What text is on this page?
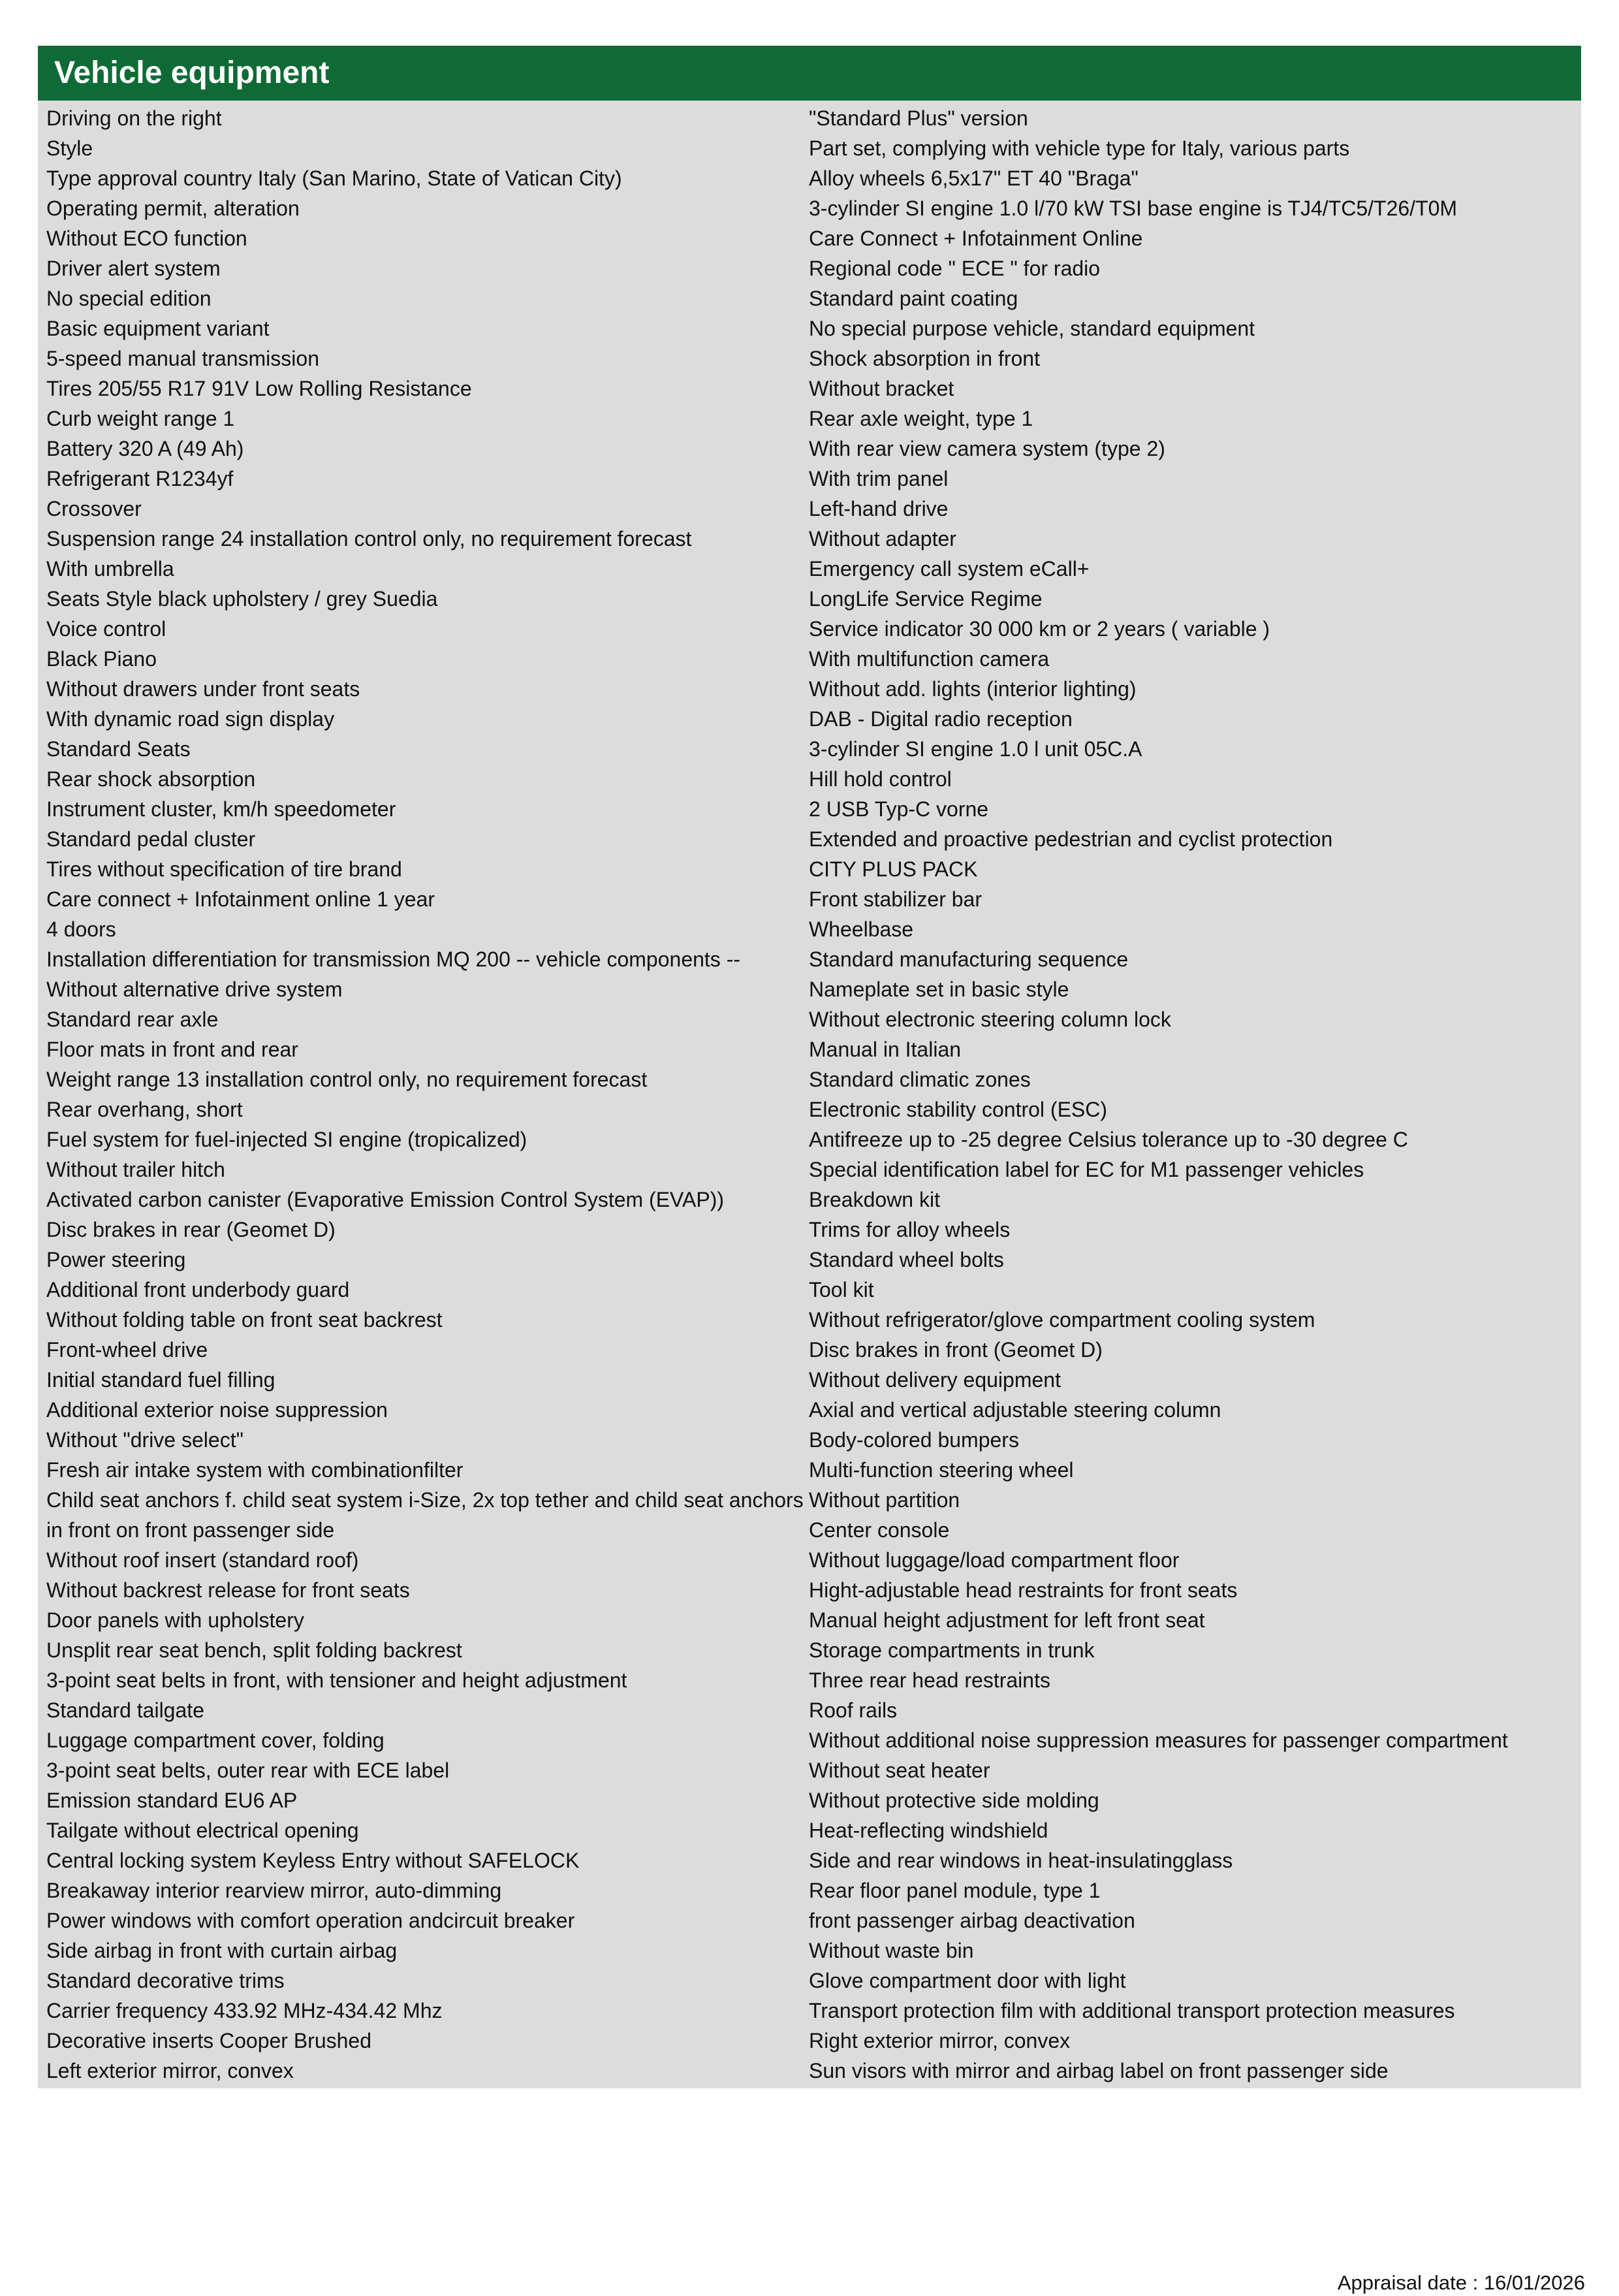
Vehicle equipment
Driving on the right
Style
Type approval country Italy (San Marino, State of Vatican City)
Operating permit, alteration
Without ECO function
Driver alert system
No special edition
Basic equipment variant
5-speed manual transmission
Tires 205/55 R17 91V Low Rolling Resistance
Curb weight range 1
Battery 320 A (49 Ah)
Refrigerant R1234yf
Crossover
Suspension range 24 installation control only, no requirement forecast
With umbrella
Seats Style black upholstery / grey Suedia
Voice control
Black Piano
Without drawers under front seats
With dynamic road sign display
Standard Seats
Rear shock absorption
Instrument cluster, km/h speedometer
Standard pedal cluster
Tires without specification of tire brand
Care connect + Infotainment online 1 year
4 doors
Installation differentiation for transmission MQ 200 -- vehicle components --
Without alternative drive system
Standard rear axle
Floor mats in front and rear
Weight range 13 installation control only, no requirement forecast
Rear overhang, short
Fuel system for fuel-injected SI engine (tropicalized)
Without trailer hitch
Activated carbon canister (Evaporative Emission Control System (EVAP))
Disc brakes in rear (Geomet D)
Power steering
Additional front underbody guard
Without folding table on front seat backrest
Front-wheel drive
Initial standard fuel filling
Additional exterior noise suppression
Without "drive select"
Fresh air intake system with combinationfilter
Child seat anchors f. child seat system i-Size, 2x top tether and child seat anchors in front on front passenger side
Without roof insert (standard roof)
Without backrest release for front seats
Door panels with upholstery
Unsplit rear seat bench, split folding backrest
3-point seat belts in front, with tensioner and height adjustment
Standard tailgate
Luggage compartment cover, folding
3-point seat belts, outer rear with ECE label
Emission standard EU6 AP
Tailgate without electrical opening
Central locking system Keyless Entry without SAFELOCK
Breakaway interior rearview mirror, auto-dimming
Power windows with comfort operation andcircuit breaker
Side airbag in front with curtain airbag
Standard decorative trims
Carrier frequency 433.92 MHz-434.42 Mhz
Decorative inserts Cooper Brushed
Left exterior mirror, convex
"Standard Plus" version
Part set, complying with vehicle type for Italy, various parts
Alloy wheels 6,5x17" ET 40 "Braga"
3-cylinder SI engine 1.0 l/70 kW TSI base engine is TJ4/TC5/T26/T0M
Care Connect + Infotainment Online
Regional code " ECE " for radio
Standard paint coating
No special purpose vehicle, standard equipment
Shock absorption in front
Without bracket
Rear axle weight, type 1
With rear view camera system (type 2)
With trim panel
Left-hand drive
Without adapter
Emergency call system eCall+
LongLife Service Regime
Service indicator 30 000 km or 2 years ( variable )
With multifunction camera
Without add. lights (interior lighting)
DAB - Digital radio reception
3-cylinder SI engine 1.0 l unit 05C.A
Hill hold control
2 USB Typ-C vorne
Extended and proactive pedestrian and cyclist protection
CITY PLUS PACK
Front stabilizer bar
Wheelbase
Standard manufacturing sequence
Nameplate set in basic style
Without electronic steering column lock
Manual in Italian
Standard climatic zones
Electronic stability control (ESC)
Antifreeze up to -25 degree Celsius tolerance up to -30 degree C
Special identification label for EC for M1 passenger vehicles
Breakdown kit
Trims for alloy wheels
Standard wheel bolts
Tool kit
Without refrigerator/glove compartment cooling system
Disc brakes in front (Geomet D)
Without delivery equipment
Axial and vertical adjustable steering column
Body-colored bumpers
Multi-function steering wheel
Without partition
Center console
Without luggage/load compartment floor
Hight-adjustable head restraints for front seats
Manual height adjustment for left front seat
Storage compartments in trunk
Three rear head restraints
Roof rails
Without additional noise suppression measures for passenger compartment
Without seat heater
Without protective side molding
Heat-reflecting windshield
Side and rear windows in heat-insulatingglass
Rear floor panel module, type 1
front passenger airbag deactivation
Without waste bin
Glove compartment door with light
Transport protection film with additional transport protection measures
Right exterior mirror, convex
Sun visors with mirror and airbag label on front passenger side
Appraisal date : 16/01/2026
